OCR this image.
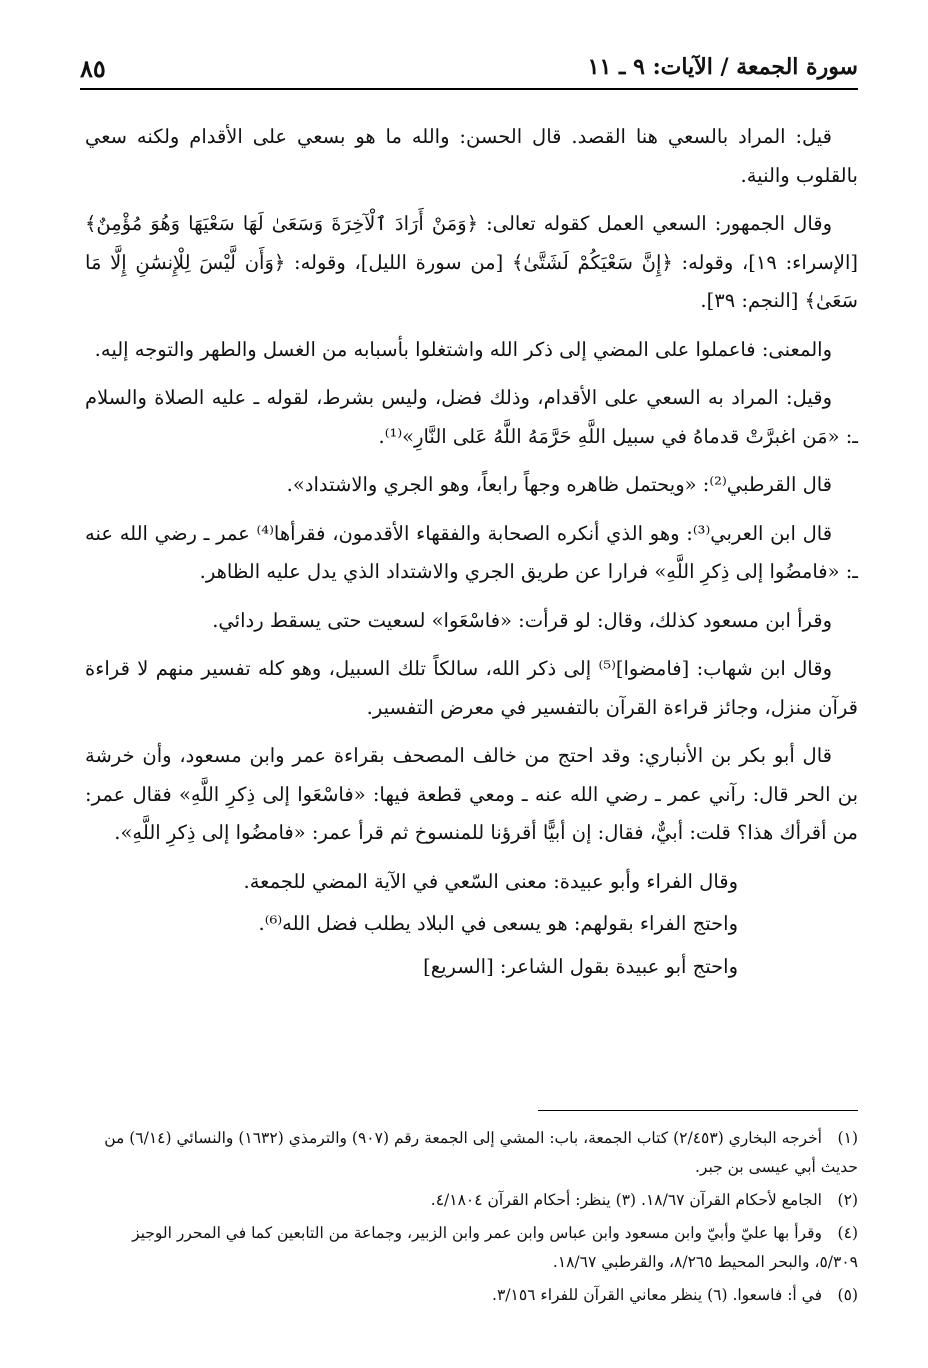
سورة الجمعة / الآيات: ٩ ـ ١١
٨٥

قيل: المراد بالسعي هنا القصد. قال الحسن: والله ما هو بسعي على الأقدام ولكنه سعي بالقلوب والنية.

وقال الجمهور: السعي العمل كقوله تعالى: ﴿وَمَنْ أَرَادَ ٱلْآخِرَةَ وَسَعَىٰ لَهَا سَعْيَهَا وَهُوَ مُؤْمِنٌ﴾ [الإسراء: ١٩]، وقوله: ﴿إِنَّ سَعْيَكُمْ لَشَتَّىٰ﴾ [من سورة الليل]، وقوله: ﴿وَأَن لَّيْسَ لِلْإِنسَٰنِ إِلَّا مَا سَعَىٰ﴾ [النجم: ٣٩].

والمعنى: فاعملوا على المضي إلى ذكر الله واشتغلوا بأسبابه من الغسل والطهر والتوجه إليه.

وقيل: المراد به السعي على الأقدام، وذلك فضل، وليس بشرط، لقوله ـ عليه الصلاة والسلام ـ: «مَن اغبرَّتْ قدماهُ في سبيل اللَّهِ حَرَّمَهُ اللَّهُ عَلى النَّارِ»⁽¹⁾.

قال القرطبي⁽²⁾: «ويحتمل ظاهره وجهاً رابعاً، وهو الجري والاشتداد».

قال ابن العربي⁽³⁾: وهو الذي أنكره الصحابة والفقهاء الأقدمون، فقرأها⁽⁴⁾ عمر ـ رضي الله عنه ـ: «فامضُوا إلى ذِكرِ اللَّهِ» فرارا عن طريق الجري والاشتداد الذي يدل عليه الظاهر.

وقرأ ابن مسعود كذلك، وقال: لو قرأت: «فاسْعَوا» لسعيت حتى يسقط ردائي.

وقال ابن شهاب: [فامضوا]⁽⁵⁾ إلى ذكر الله، سالكاً تلك السبيل، وهو كله تفسير منهم لا قراءة قرآن منزل، وجائز قراءة القرآن بالتفسير في معرض التفسير.

قال أبو بكر بن الأنباري: وقد احتج من خالف المصحف بقراءة عمر وابن مسعود، وأن خرشة بن الحر قال: رآني عمر ـ رضي الله عنه ـ ومعي قطعة فيها: «فاسْعَوا إلى ذِكرِ اللَّهِ» فقال عمر: من أقرأك هذا؟ قلت: أبيٌّ، فقال: إن أبيًّا أقرؤنا للمنسوخ ثم قرأ عمر: «فامضُوا إلى ذِكرِ اللَّهِ».

وقال الفراء وأبو عبيدة: معنى السّعي في الآية المضي للجمعة.

واحتج الفراء بقولهم: هو يسعى في البلاد يطلب فضل الله⁽⁶⁾.

واحتج أبو عبيدة بقول الشاعر: [السريع]

(١)أخرجه البخاري (٢/٤٥٣) كتاب الجمعة، باب: المشي إلى الجمعة رقم (٩٠٧) والترمذي (١٦٣٢) والنسائي (٦/١٤) من حديث أبي عيسى بن جبر.
(٢)الجامع لأحكام القرآن ١٨/٦٧. (٣) ينظر: أحكام القرآن ٤/١٨٠٤.
(٤)وقرأ بها عليّ وأبيّ وابن مسعود وابن عباس وابن عمر وابن الزبير، وجماعة من التابعين كما في المحرر الوجيز ٥/٣٠٩، والبحر المحيط ٨/٢٦٥، والقرطبي ١٨/٦٧.
(٥)في أ: فاسعوا. (٦) ينظر معاني القرآن للفراء ٣/١٥٦.
